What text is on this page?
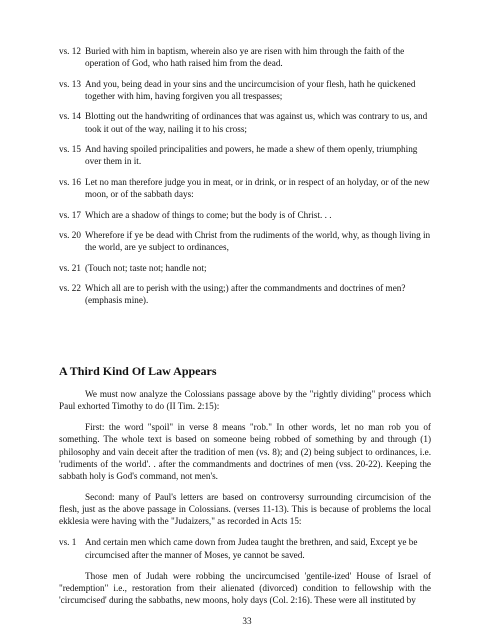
vs. 12 Buried with him in baptism, wherein also ye are risen with him through the faith of the operation of God, who hath raised him from the dead.
vs. 13 And you, being dead in your sins and the uncircumcision of your flesh, hath he quickened together with him, having forgiven you all trespasses;
vs. 14 Blotting out the handwriting of ordinances that was against us, which was contrary to us, and took it out of the way, nailing it to his cross;
vs. 15 And having spoiled principalities and powers, he made a shew of them openly, triumphing over them in it.
vs. 16 Let no man therefore judge you in meat, or in drink, or in respect of an holyday, or of the new moon, or of the sabbath days:
vs. 17 Which are a shadow of things to come; but the body is of Christ. . .
vs. 20 Wherefore if ye be dead with Christ from the rudiments of the world, why, as though living in the world, are ye subject to ordinances,
vs. 21 (Touch not; taste not; handle not;
vs. 22 Which all are to perish with the using;) after the commandments and doctrines of men? (emphasis mine).
A Third Kind Of Law Appears

We must now analyze the Colossians passage above by the "rightly dividing" process which Paul exhorted Timothy to do (II Tim. 2:15):

First: the word "spoil" in verse 8 means "rob." In other words, let no man rob you of something. The whole text is based on someone being robbed of something by and through (1) philosophy and vain deceit after the tradition of men (vs. 8); and (2) being subject to ordinances, i.e. 'rudiments of the world'. . after the commandments and doctrines of men (vss. 20-22). Keeping the sabbath holy is God's command, not men's.

Second: many of Paul's letters are based on controversy surrounding circumcision of the flesh, just as the above passage in Colossians. (verses 11-13). This is because of problems the local ekklesia were having with the "Judaizers," as recorded in Acts 15:

vs. 1 And certain men which came down from Judea taught the brethren, and said, Except ye be circumcised after the manner of Moses, ye cannot be saved.

Those men of Judah were robbing the uncircumcised 'gentile-ized' House of Israel of "redemption" i.e., restoration from their alienated (divorced) condition to fellowship with the 'circumcised' during the sabbaths, new moons, holy days (Col. 2:16). These were all instituted by

33
